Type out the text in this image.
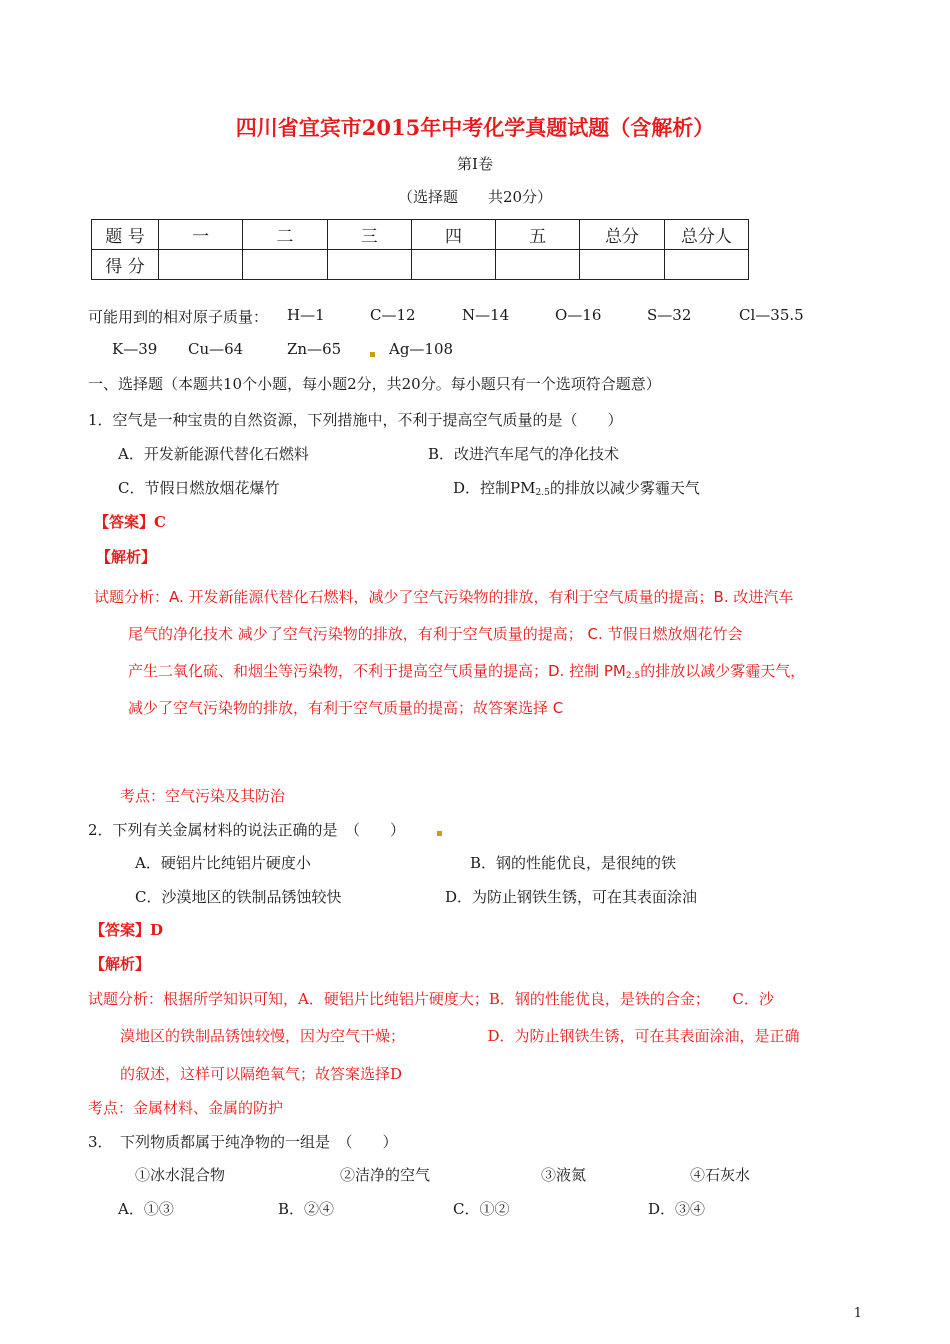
四川省宜宾市2015年中考化学真题试题（含解析）
第Ⅰ卷
（选择题　　共20分）
题 号	一	二	三	四	五	总分	总分人
得 分							
可能用到的相对原子质量： H—1	C—12	N—14	O—16	S—32	Cl—35.5
K—39 Cu—64	Zn—65	Ag—108
一、选择题（本题共10个小题，每小题2分，共20分。每小题只有一个选项符合题意）
1．空气是一种宝贵的自然资源，下列措施中，不利于提高空气质量的是（　　）
A．开发新能源代替化石燃料	B．改进汽车尾气的净化技术
C．节假日燃放烟花爆竹	D．控制$PM_{2.5}$的排放以减少雾霾天气
【答案】C
【解析】
试题分析：A. 开发新能源代替化石燃料，减少了空气污染物的排放，有利于空气质量的提高；B. 改进汽车
尾气的净化技术 减少了空气污染物的排放，有利于空气质量的提高； C. 节假日燃放烟花竹会
产生二氧化硫、和烟尘等污染物，不利于提高空气质量的提高；D. 控制 $PM_{2.5}$的排放以减少雾霾天气，
减少了空气污染物的排放，有利于空气质量的提高；故答案选择 C
考点：空气污染及其防治
2．下列有关金属材料的说法正确的是　（　　）
A．硬铝片比纯铝片硬度小	B．钢的性能优良，是很纯的铁
C．沙漠地区的铁制品锈蚀较快	D．为防止钢铁生锈，可在其表面涂油
【答案】D
【解析】
试题分析：根据所学知识可知，A．硬铝片比纯铝片硬度大；B．钢的性能优良，是铁的合金；　　C．沙
漠地区的铁制品锈蚀较慢，因为空气干燥；　　　　　　D．为防止钢铁生锈，可在其表面涂油，是正确
的叙述，这样可以隔绝氧气；故答案选择D
考点：金属材料、金属的防护
3．　下列物质都属于纯净物的一组是　（　　）
①冰水混合物	②洁净的空气	③液氮	④石灰水
A．①③	B．②④	C．①②	D．③④
1
